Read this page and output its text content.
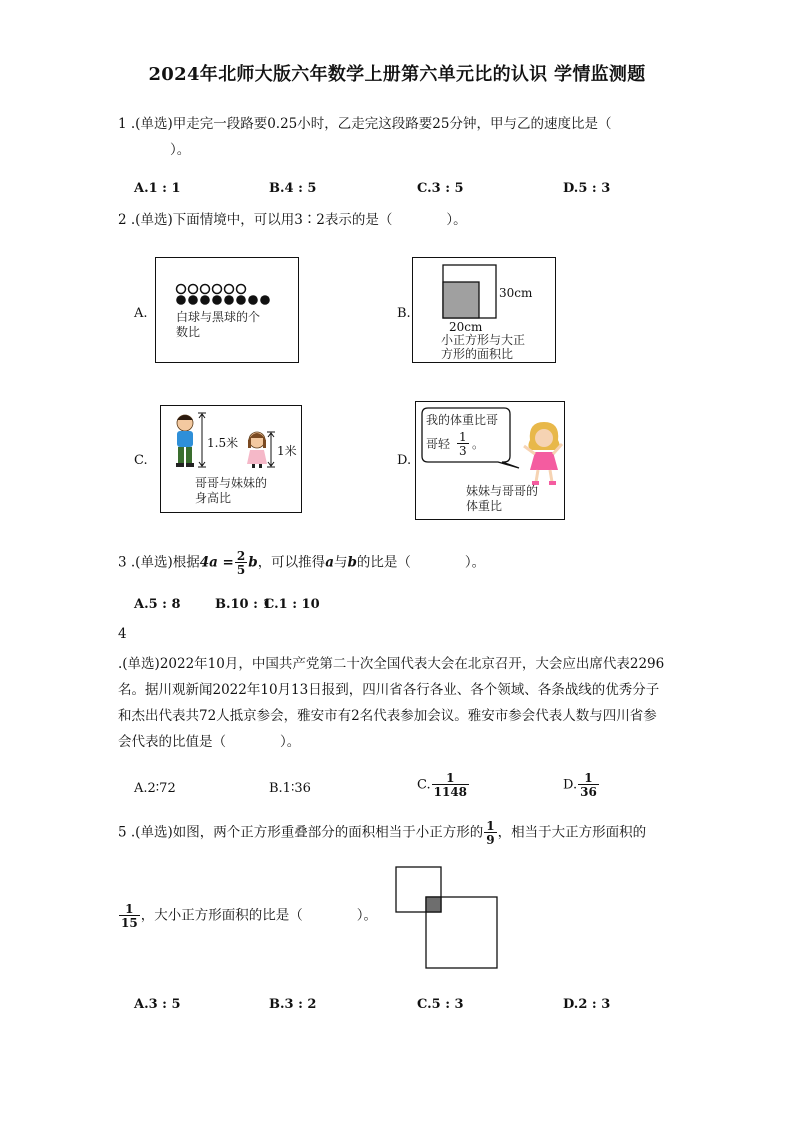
2024年北师大版六年数学上册第六单元比的认识 学情监测题
1 .(单选)甲走完一段路要0.25小时，乙走完这段路要25分钟，甲与乙的速度比是（
）。
A.1 : 1	B.4 : 5	C.3 : 5	D.5 : 3
2 .(单选)下面情境中，可以用3∶2表示的是（　　　　）。
A. 白球与黑球的个
数比
B.
30cm
20cm
小正方形与大正
方形的面积比
C.
1.5米
1米
哥哥与妹妹的
身高比
D.
我的体重比哥
哥轻 $\frac{1}{3}$ 。
妹妹与哥哥的
体重比
3 .(单选)根据$4a = \frac{2}{5}$ b，可以推得a与b的比是（　　　　）。
A.5 : 8	B.10 : 1
C.1 : 10
4
.(单选)2022年10月，中国共产党第二十次全国代表大会在北京召开，大会应出席代表2296
名。据川观新闻2022年10月13日报到，四川省各行各业、各个领域、各条战线的优秀分子
和杰出代表共72人抵京参会，雅安市有2名代表参加会议。雅安市参会代表人数与四川省参
会代表的比值是（　　　　）。
A.2∶72	B.1∶36	C. $\frac{1}{1148}$	D. $\frac{1}{36}$
5 .(单选)如图，两个正方形重叠部分的面积相当于小正方形的 $\frac{1}{9}$ ，相当于大正方形面积的
$\frac{1}{15}$ ，大小正方形面积的比是（　　　　）。
A.3 : 5	B.3 : 2	C.5 : 3	D.2 : 3
